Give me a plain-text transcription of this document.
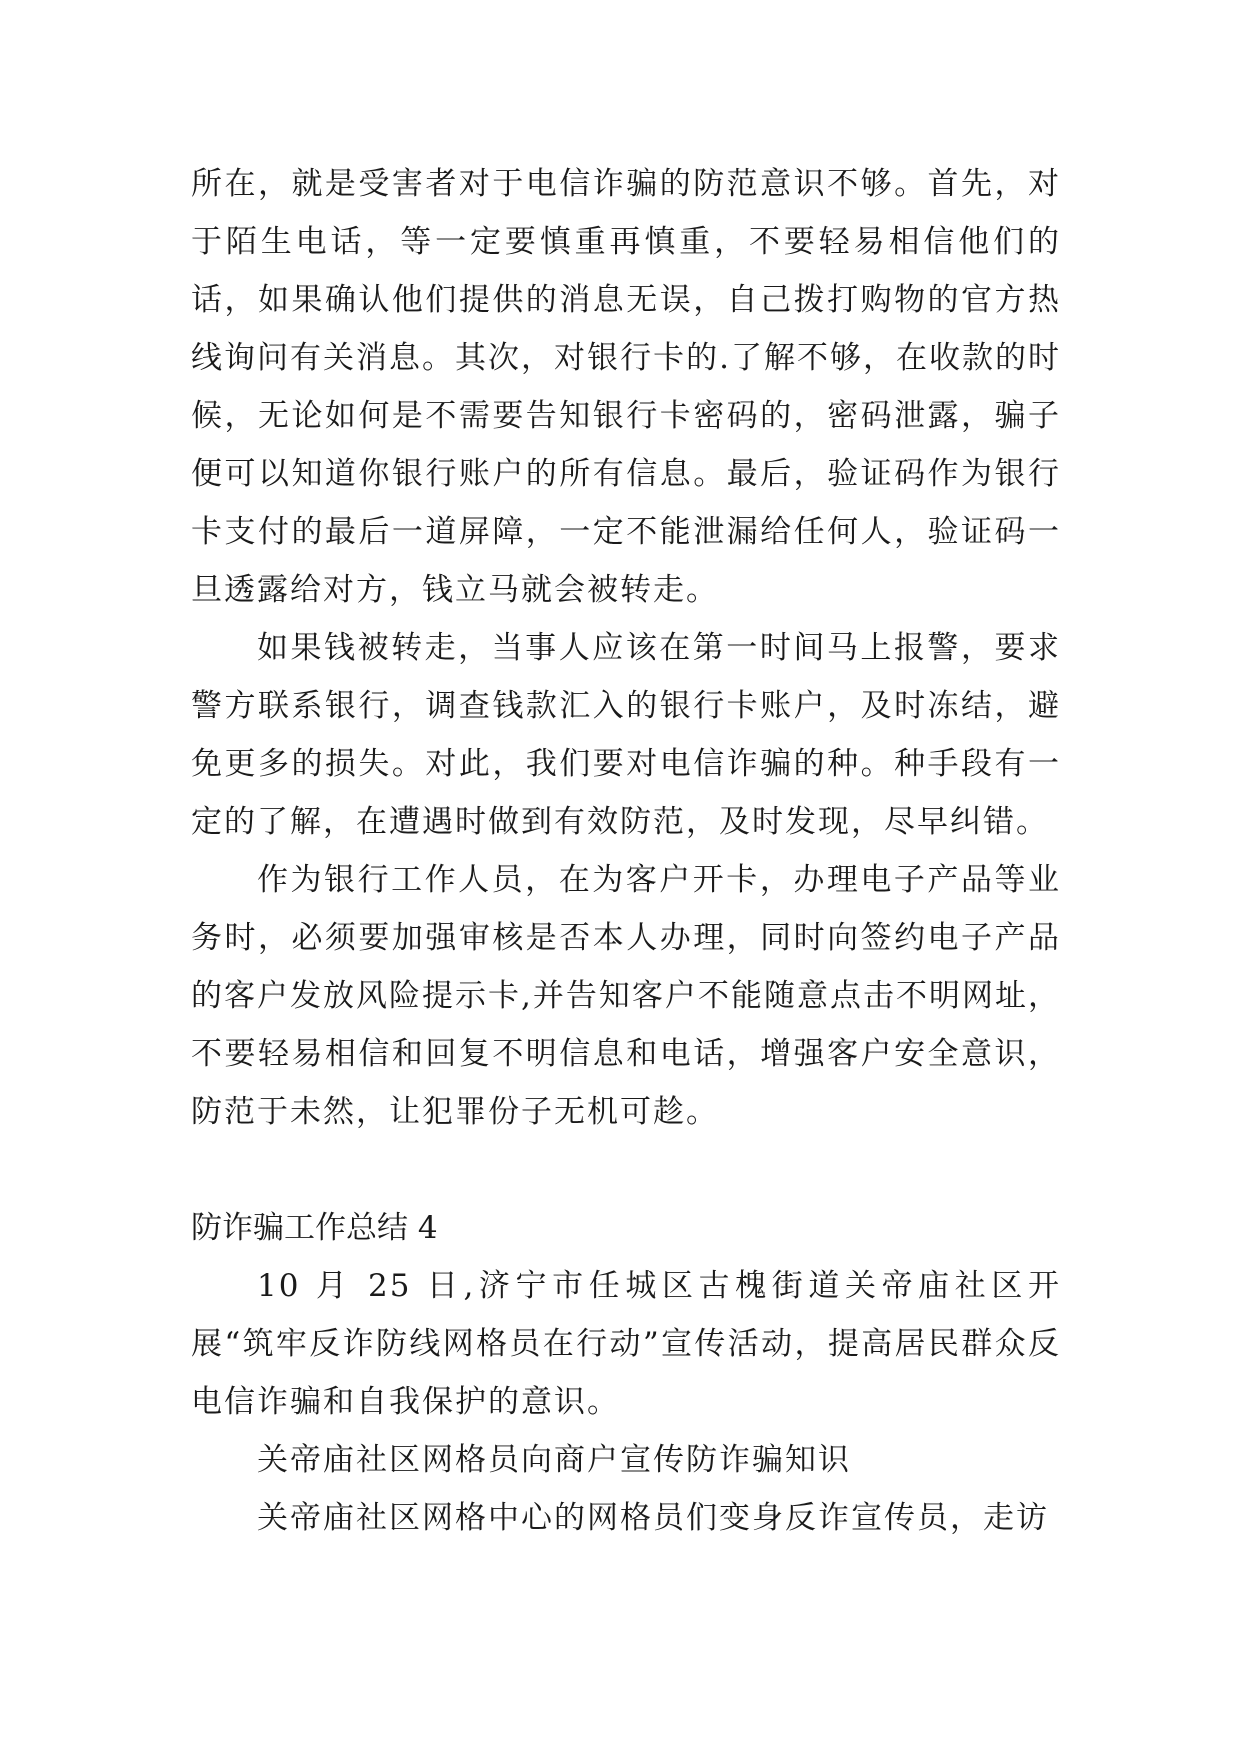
所在，就是受害者对于电信诈骗的防范意识不够。首先，对于陌生电话，等一定要慎重再慎重，不要轻易相信他们的话，如果确认他们提供的消息无误，自己拨打购物的官方热线询问有关消息。其次，对银行卡的.了解不够，在收款的时候，无论如何是不需要告知银行卡密码的，密码泄露，骗子便可以知道你银行账户的所有信息。最后，验证码作为银行卡支付的最后一道屏障，一定不能泄漏给任何人，验证码一旦透露给对方，钱立马就会被转走。

如果钱被转走，当事人应该在第一时间马上报警，要求警方联系银行，调查钱款汇入的银行卡账户，及时冻结，避免更多的损失。对此，我们要对电信诈骗的种。种手段有一定的了解，在遭遇时做到有效防范，及时发现，尽早纠错。

作为银行工作人员，在为客户开卡，办理电子产品等业务时，必须要加强审核是否本人办理，同时向签约电子产品的客户发放风险提示卡,并告知客户不能随意点击不明网址，不要轻易相信和回复不明信息和电话，增强客户安全意识，防范于未然，让犯罪份子无机可趁。

防诈骗工作总结 4

10 月 25 日,济宁市任城区古槐街道关帝庙社区开展“筑牢反诈防线网格员在行动”宣传活动，提高居民群众反电信诈骗和自我保护的意识。

关帝庙社区网格员向商户宣传防诈骗知识

关帝庙社区网格中心的网格员们变身反诈宣传员，走访
